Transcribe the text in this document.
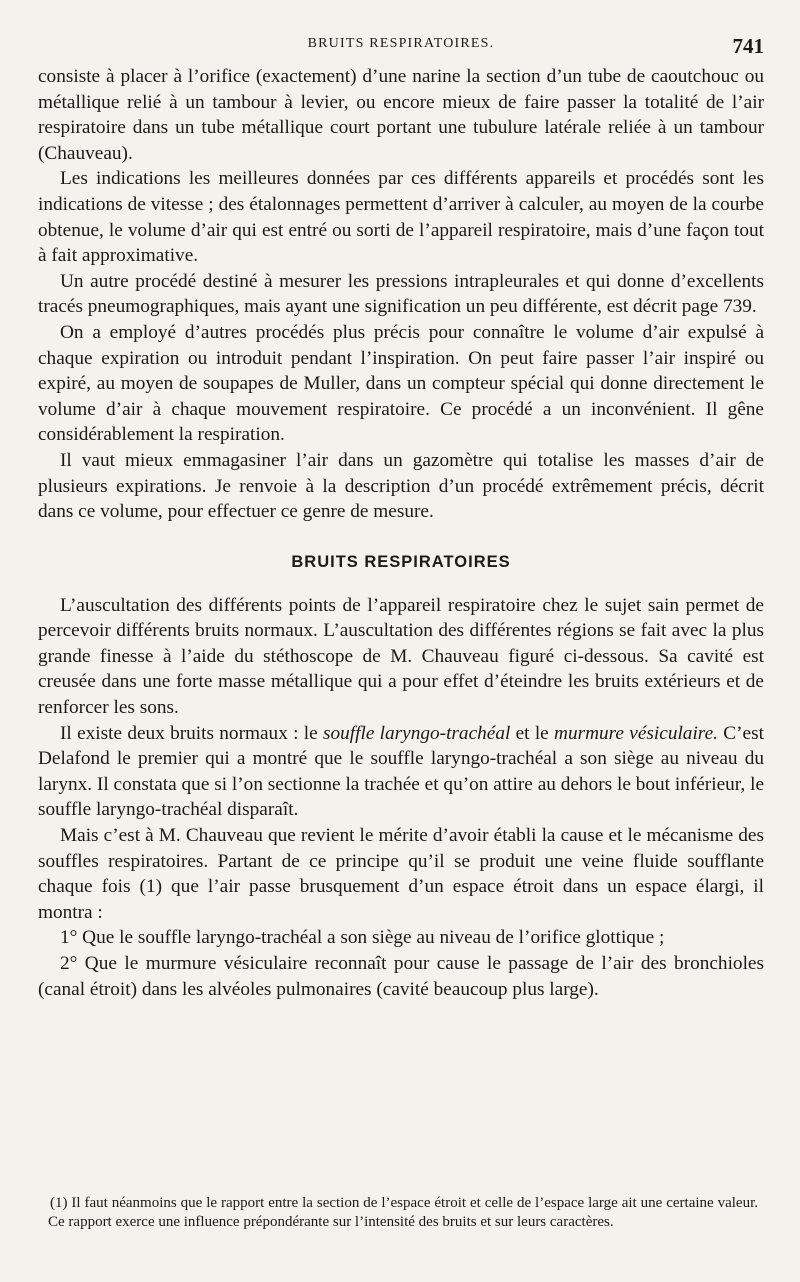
BRUITS RESPIRATOIRES.	741

consiste à placer à l’orifice (exactement) d’une narine la section d’un tube de caoutchouc ou métallique relié à un tambour à levier, ou encore mieux de faire passer la totalité de l’air respiratoire dans un tube métallique court portant une tubulure latérale reliée à un tambour (Chauveau).

Les indications les meilleures données par ces différents appareils et procédés sont les indications de vitesse ; des étalonnages permettent d’arriver à calculer, au moyen de la courbe obtenue, le volume d’air qui est entré ou sorti de l’appareil respiratoire, mais d’une façon tout à fait approximative.

Un autre procédé destiné à mesurer les pressions intrapleurales et qui donne d’excellents tracés pneumographiques, mais ayant une signification un peu différente, est décrit page 739.

On a employé d’autres procédés plus précis pour connaître le volume d’air expulsé à chaque expiration ou introduit pendant l’inspiration. On peut faire passer l’air inspiré ou expiré, au moyen de soupapes de Muller, dans un compteur spécial qui donne directement le volume d’air à chaque mouvement respiratoire. Ce procédé a un inconvénient. Il gêne considérablement la respiration.

Il vaut mieux emmagasiner l’air dans un gazomètre qui totalise les masses d’air de plusieurs expirations. Je renvoie à la description d’un procédé extrêmement précis, décrit dans ce volume, pour effectuer ce genre de mesure.

BRUITS RESPIRATOIRES

L’auscultation des différents points de l’appareil respiratoire chez le sujet sain permet de percevoir différents bruits normaux. L’auscultation des différentes régions se fait avec la plus grande finesse à l’aide du stéthoscope de M. Chauveau figuré ci-dessous. Sa cavité est creusée dans une forte masse métallique qui a pour effet d’éteindre les bruits extérieurs et de renforcer les sons.

Il existe deux bruits normaux : le souffle laryngo-trachéal et le murmure vésiculaire. C’est Delafond le premier qui a montré que le souffle laryngo-trachéal a son siège au niveau du larynx. Il constata que si l’on sectionne la trachée et qu’on attire au dehors le bout inférieur, le souffle laryngo-trachéal disparaît.

Mais c’est à M. Chauveau que revient le mérite d’avoir établi la cause et le mécanisme des souffles respiratoires. Partant de ce principe qu’il se produit une veine fluide soufflante chaque fois (1) que l’air passe brusquement d’un espace étroit dans un espace élargi, il montra :

1° Que le souffle laryngo-trachéal a son siège au niveau de l’orifice glottique ;

2° Que le murmure vésiculaire reconnaît pour cause le passage de l’air des bronchioles (canal étroit) dans les alvéoles pulmonaires (cavité beaucoup plus large).

(1) Il faut néanmoins que le rapport entre la section de l’espace étroit et celle de l’espace large ait une certaine valeur. Ce rapport exerce une influence prépondérante sur l’intensité des bruits et sur leurs caractères.
